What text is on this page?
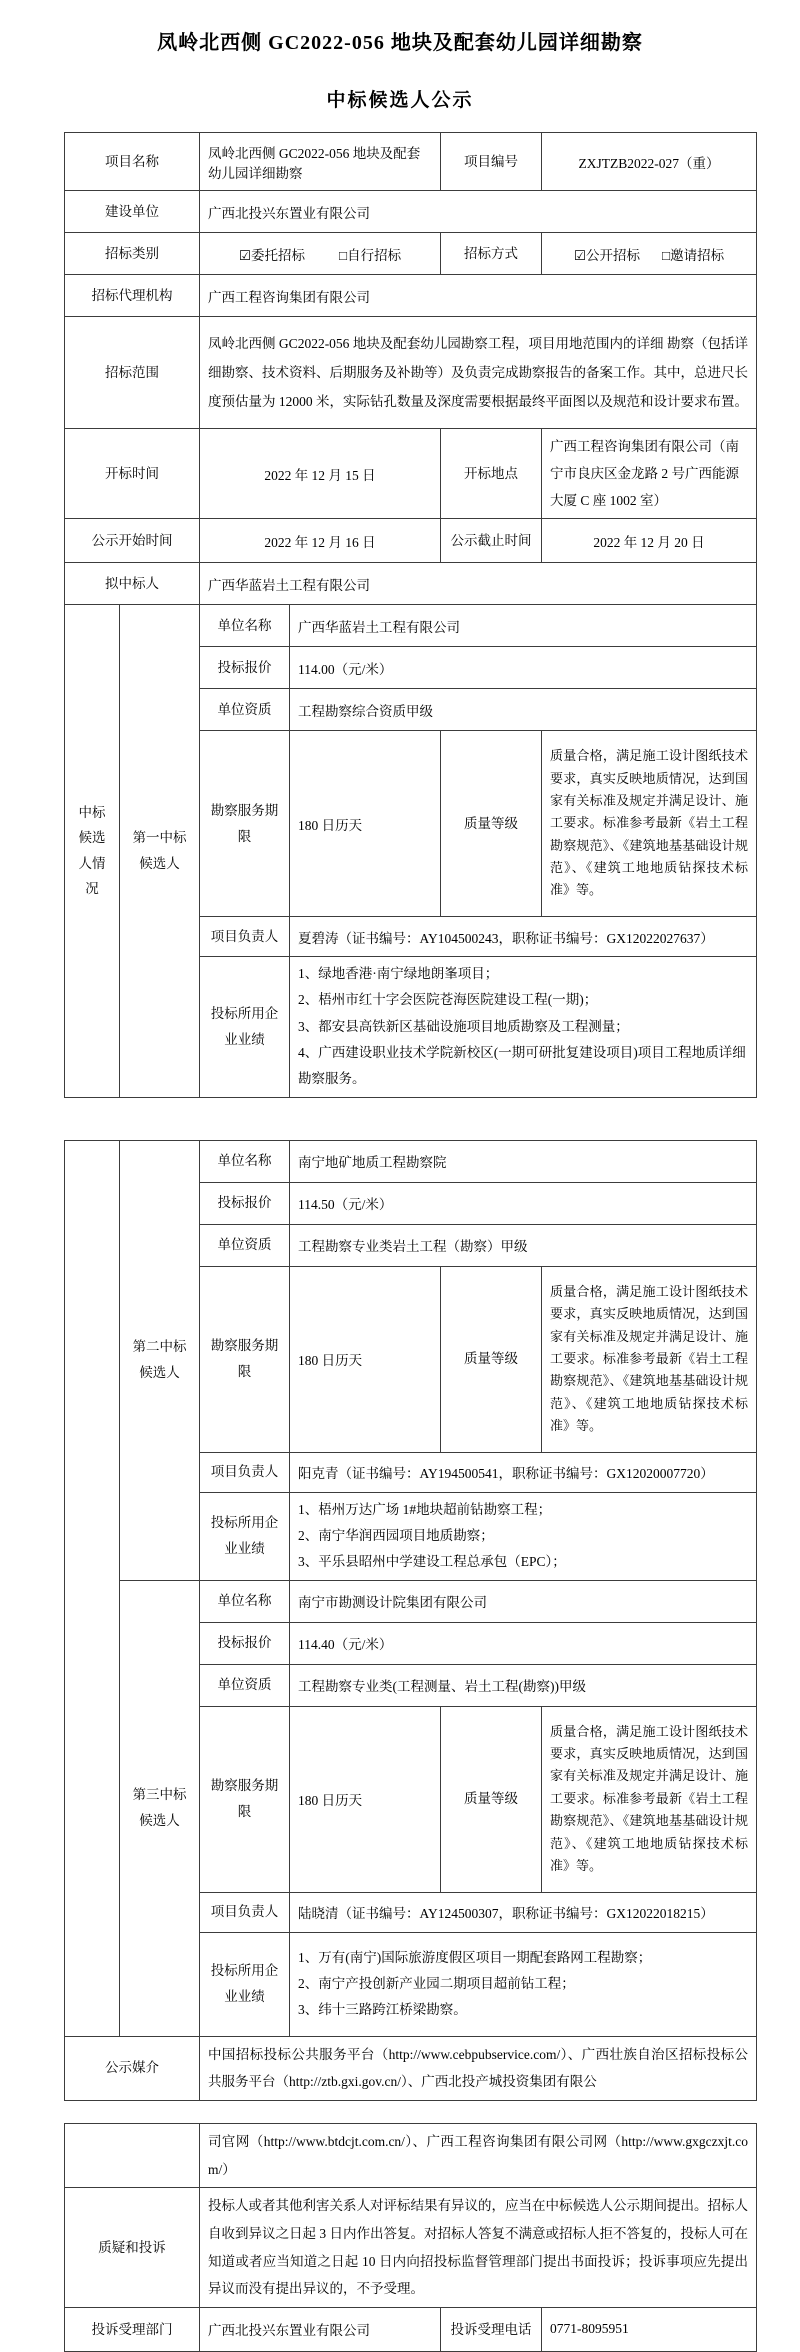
凤岭北西侧 GC2022-056 地块及配套幼儿园详细勘察
中标候选人公示
项目名称		凤岭北西侧 GC2022-056 地块及配套幼儿园详细勘察		项目编号	ZXJTZB2022-027（重）
建设单位		广西北投兴东置业有限公司			
招标类别		☑委托招标 □自行招标		招标方式	☑公开招标 □邀请招标

招标代理机构		广西工程咨询集团有限公司			
招标范围		凤岭北西侧 GC2022-056 地块及配套幼儿园勘察工程，项目用地范围内的详细 勘察（包括详细勘察、技术资料、后期服务及补勘等）及负责完成勘察报告的备案工作。其中，总进尺长度预估量为 12000 米，实际钻孔数量及深度需要根据最终平面图以及规范和设计要求布置。			
开标时间		2022 年 12 月 15 日		开标地点	广西工程咨询集团有限公司（南宁市良庆区金龙路 2 号广西能源大厦 C 座 1002 室）
公示开始时间		2022 年 12 月 16 日		公示截止时间	2022 年 12 月 20 日
拟中标人		广西华蓝岩土工程有限公司			
中标候选人情况	第一中标候选人	单位名称	广西华蓝岩土工程有限公司		
		投标报价	114.00（元/米）		
		单位资质	工程勘察综合资质甲级		
		勘察服务期限	180 日历天	质量等级	质量合格，满足施工设计图纸技术要求，真实反映地质情况，达到国家有关标准及规定并满足设计、施工要求。标准参考最新《岩土工程勘察规范》、《建筑地基基础设计规范》、《建筑工地地质钻探技术标准》等。
		项目负责人	夏碧涛（证书编号：AY104500243，职称证书编号：GX12022027637）		
		投标所用企业业绩	1、绿地香港·南宁绿地朗峯项目；
2、梧州市红十字会医院苍海医院建设工程(一期)；
3、都安县高铁新区基础设施项目地质勘察及工程测量；
4、广西建设职业技术学院新校区(一期可研批复建设项目)项目工程地质详细勘察服务。		
	第二中标候选人	单位名称	南宁地矿地质工程勘察院		
		投标报价	114.50（元/米）		
		单位资质	工程勘察专业类岩土工程（勘察）甲级		
		勘察服务期限	180 日历天	质量等级	质量合格，满足施工设计图纸技术要求，真实反映地质情况，达到国家有关标准及规定并满足设计、施工要求。标准参考最新《岩土工程勘察规范》、《建筑地基基础设计规范》、《建筑工地地质钻探技术标准》等。
		项目负责人	阳克青（证书编号：AY194500541，职称证书编号：GX12020007720）		
		投标所用企业业绩	1、梧州万达广场 1#地块超前钻勘察工程；
2、南宁华润西园项目地质勘察；
3、平乐县昭州中学建设工程总承包（EPC）；		

	第三中标候选人	单位名称	南宁市勘测设计院集团有限公司		
		投标报价	114.40（元/米）		
		单位资质	工程勘察专业类(工程测量、岩土工程(勘察))甲级		
		勘察服务期限	180 日历天	质量等级	质量合格，满足施工设计图纸技术要求，真实反映地质情况，达到国家有关标准及规定并满足设计、施工要求。标准参考最新《岩土工程勘察规范》、《建筑地基基础设计规范》、《建筑工地地质钻探技术标准》等。
		项目负责人	陆晓清（证书编号：AY124500307，职称证书编号：GX12022018215）		
		投标所用企业业绩	1、万有(南宁)国际旅游度假区项目一期配套路网工程勘察；
2、南宁产投创新产业园二期项目超前钻工程；
3、纬十三路跨江桥梁勘察。		

公示媒介		中国招标投标公共服务平台（http://www.cebpubservice.com/）、广西壮族自治区招标投标公共服务平台（http://ztb.gxi.gov.cn/）、广西北投产城投资集团有限公			
	司官网（http://www.btdcjt.com.cn/）、广西工程咨询集团有限公司网（http://www.gxgczxjt.com/）		
质疑和投诉	投标人或者其他利害关系人对评标结果有异议的，应当在中标候选人公示期间提出。招标人自收到异议之日起 3 日内作出答复。对招标人答复不满意或招标人拒不答复的，投标人可在知道或者应当知道之日起 10 日内向招投标监督管理部门提出书面投诉；投诉事项应先提出异议而没有提出异议的，不予受理。		
投诉受理部门	广西北投兴东置业有限公司	投诉受理电话	0771-8095951
